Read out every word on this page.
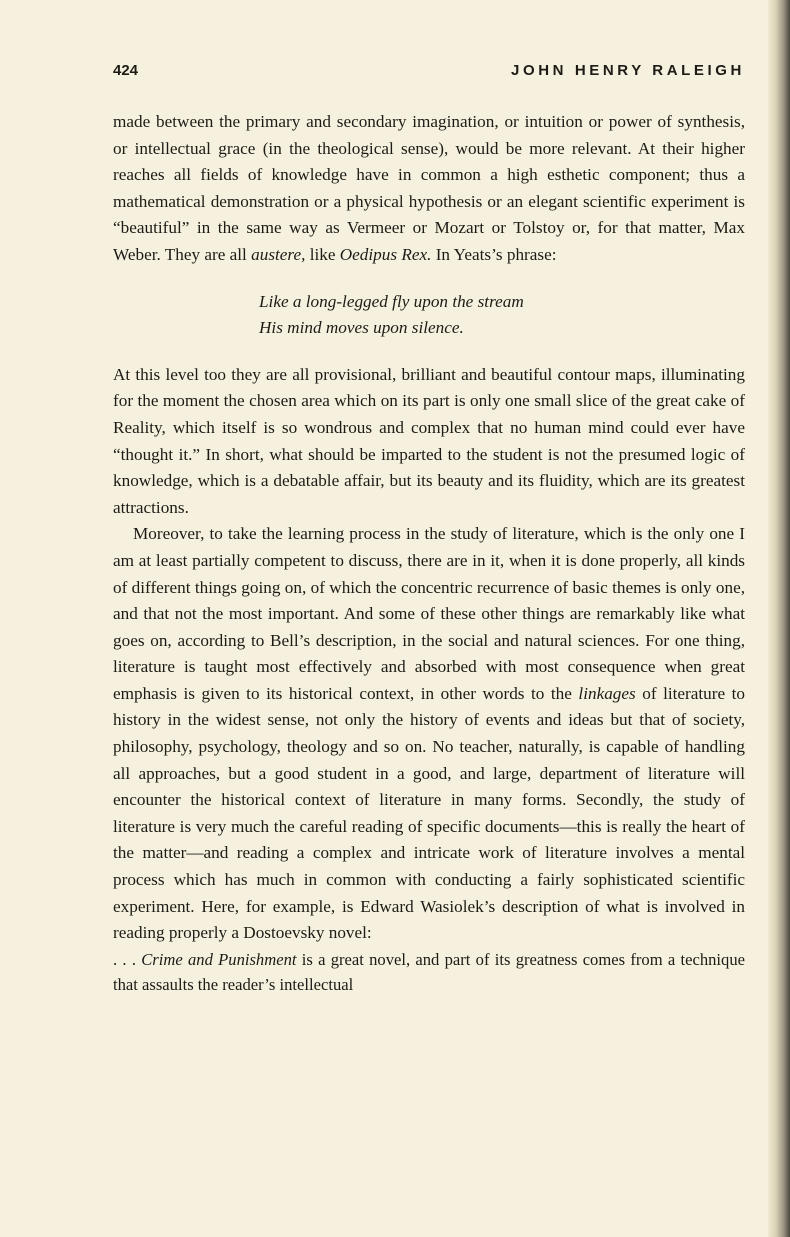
424	JOHN HENRY RALEIGH

made between the primary and secondary imagination, or intuition or power of synthesis, or intellectual grace (in the theological sense), would be more relevant. At their higher reaches all fields of knowledge have in common a high esthetic component; thus a mathematical demonstration or a physical hypothesis or an elegant scientific experiment is “beautiful” in the same way as Vermeer or Mozart or Tolstoy or, for that matter, Max Weber. They are all austere, like Oedipus Rex. In Yeats’s phrase:

Like a long-legged fly upon the stream
His mind moves upon silence.

At this level too they are all provisional, brilliant and beautiful contour maps, illuminating for the moment the chosen area which on its part is only one small slice of the great cake of Reality, which itself is so wondrous and complex that no human mind could ever have “thought it.” In short, what should be imparted to the student is not the presumed logic of knowledge, which is a debatable affair, but its beauty and its fluidity, which are its greatest attractions.

Moreover, to take the learning process in the study of literature, which is the only one I am at least partially competent to discuss, there are in it, when it is done properly, all kinds of different things going on, of which the concentric recurrence of basic themes is only one, and that not the most important. And some of these other things are remarkably like what goes on, according to Bell’s description, in the social and natural sciences. For one thing, literature is taught most effectively and absorbed with most consequence when great emphasis is given to its historical context, in other words to the linkages of literature to history in the widest sense, not only the history of events and ideas but that of society, philosophy, psychology, theology and so on. No teacher, naturally, is capable of handling all approaches, but a good student in a good, and large, department of literature will encounter the historical context of literature in many forms. Secondly, the study of literature is very much the careful reading of specific documents—this is really the heart of the matter—and reading a complex and intricate work of literature involves a mental process which has much in common with conducting a fairly sophisticated scientific experiment. Here, for example, is Edward Wasiolek’s description of what is involved in reading properly a Dostoevsky novel:

. . . Crime and Punishment is a great novel, and part of its greatness comes from a technique that assaults the reader’s intellectual
